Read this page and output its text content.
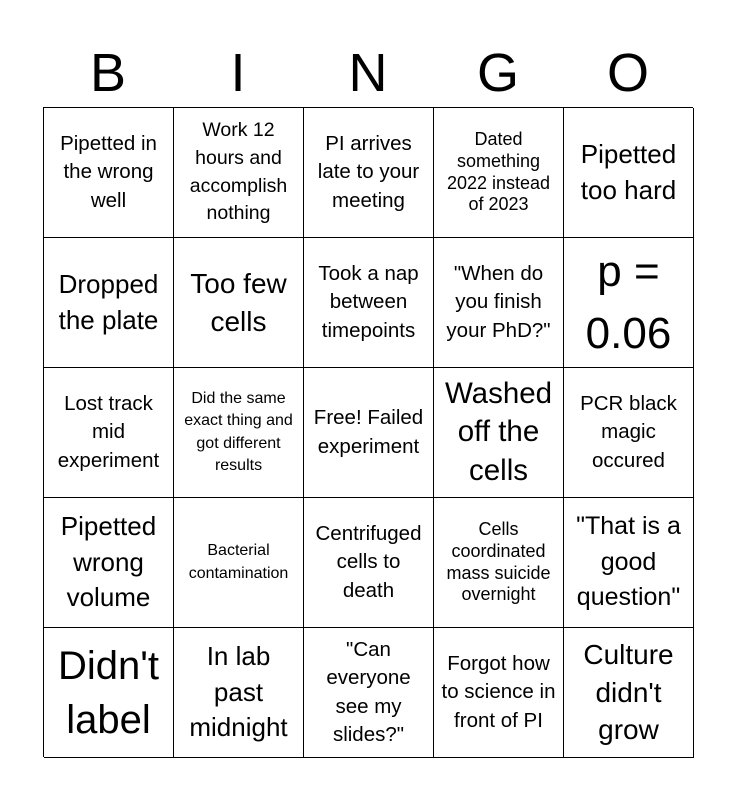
B	I	N	G	O
Pipetted in the wrong well
Work 12 hours and accomplish nothing
PI arrives late to your meeting
Dated something 2022 instead of 2023
Pipetted too hard
Dropped the plate
Too few cells
Took a nap between timepoints
"When do you finish your PhD?"
p = 0.06
Lost track mid experiment
Did the same exact thing and got different results
Free! Failed experiment
Washed off the cells
PCR black magic occured
Pipetted wrong volume
Bacterial contamination
Centrifuged cells to death
Cells coordinated mass suicide overnight
"That is a good question"
Didn't label
In lab past midnight
"Can everyone see my slides?"
Forgot how to science in front of PI
Culture didn't grow
